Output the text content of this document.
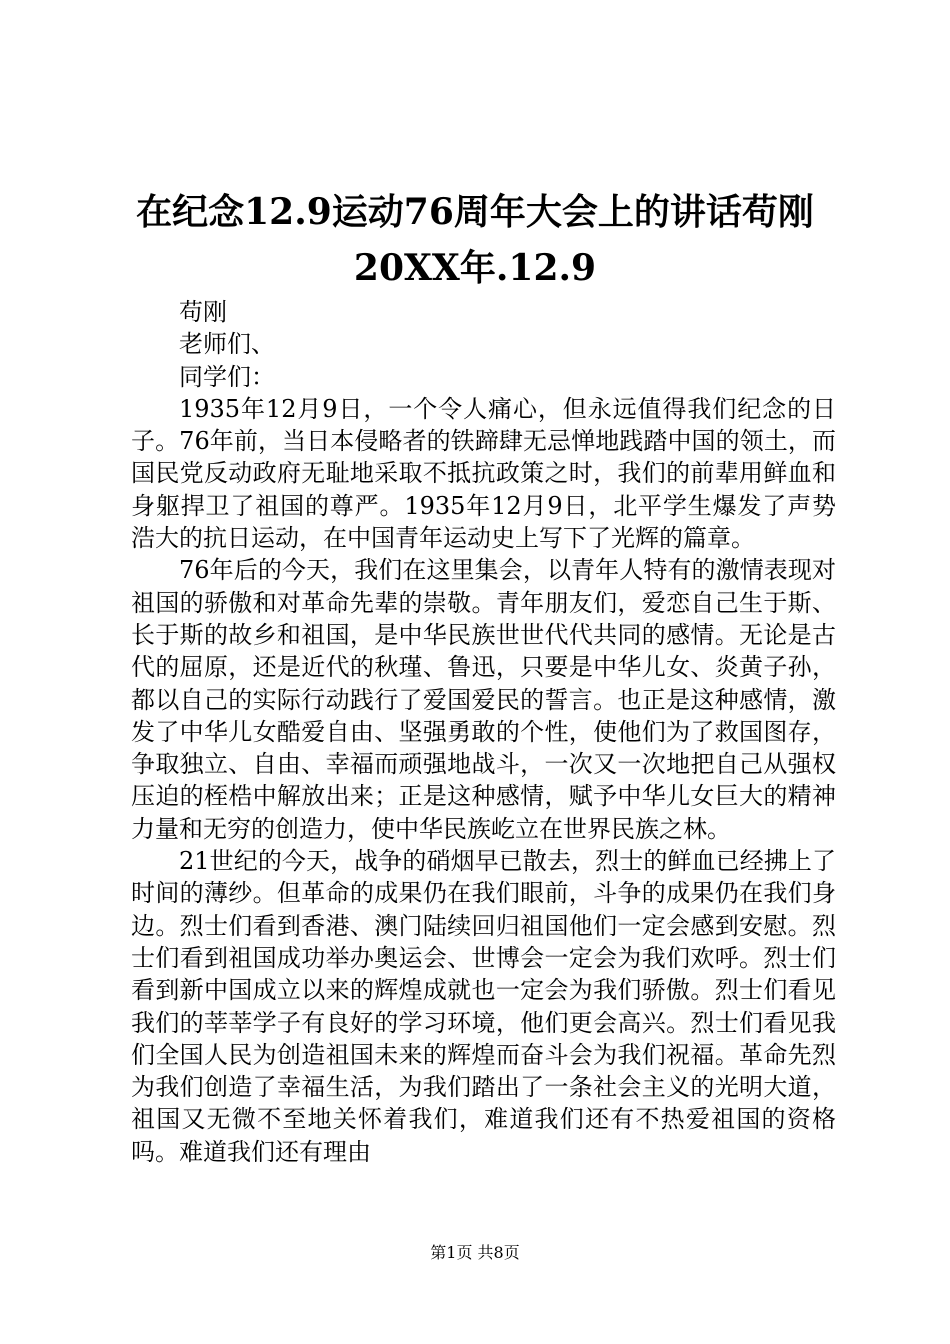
在纪念12.9运动76周年大会上的讲话苟刚
20XX年.12.9

苟刚

老师们、

同学们：

1935年12月9日，一个令人痛心，但永远值得我们纪念的日子。76年前，当日本侵略者的铁蹄肆无忌惮地践踏中国的领土，而国民党反动政府无耻地采取不抵抗政策之时，我们的前辈用鲜血和身躯捍卫了祖国的尊严。1935年12月9日，北平学生爆发了声势浩大的抗日运动，在中国青年运动史上写下了光辉的篇章。

76年后的今天，我们在这里集会，以青年人特有的激情表现对祖国的骄傲和对革命先辈的崇敬。青年朋友们，爱恋自己生于斯、长于斯的故乡和祖国，是中华民族世世代代共同的感情。无论是古代的屈原，还是近代的秋瑾、鲁迅，只要是中华儿女、炎黄子孙，都以自己的实际行动践行了爱国爱民的誓言。也正是这种感情，激发了中华儿女酷爱自由、坚强勇敢的个性，使他们为了救国图存，争取独立、自由、幸福而顽强地战斗，一次又一次地把自己从强权压迫的桎梏中解放出来；正是这种感情，赋予中华儿女巨大的精神力量和无穷的创造力，使中华民族屹立在世界民族之林。

21世纪的今天，战争的硝烟早已散去，烈士的鲜血已经拂上了时间的薄纱。但革命的成果仍在我们眼前，斗争的成果仍在我们身边。烈士们看到香港、澳门陆续回归祖国他们一定会感到安慰。烈士们看到祖国成功举办奥运会、世博会一定会为我们欢呼。烈士们看到新中国成立以来的辉煌成就也一定会为我们骄傲。烈士们看见我们的莘莘学子有良好的学习环境，他们更会高兴。烈士们看见我们全国人民为创造祖国未来的辉煌而奋斗会为我们祝福。革命先烈为我们创造了幸福生活，为我们踏出了一条社会主义的光明大道，祖国又无微不至地关怀着我们，难道我们还有不热爱祖国的资格吗。难道我们还有理由

第1页 共8页
